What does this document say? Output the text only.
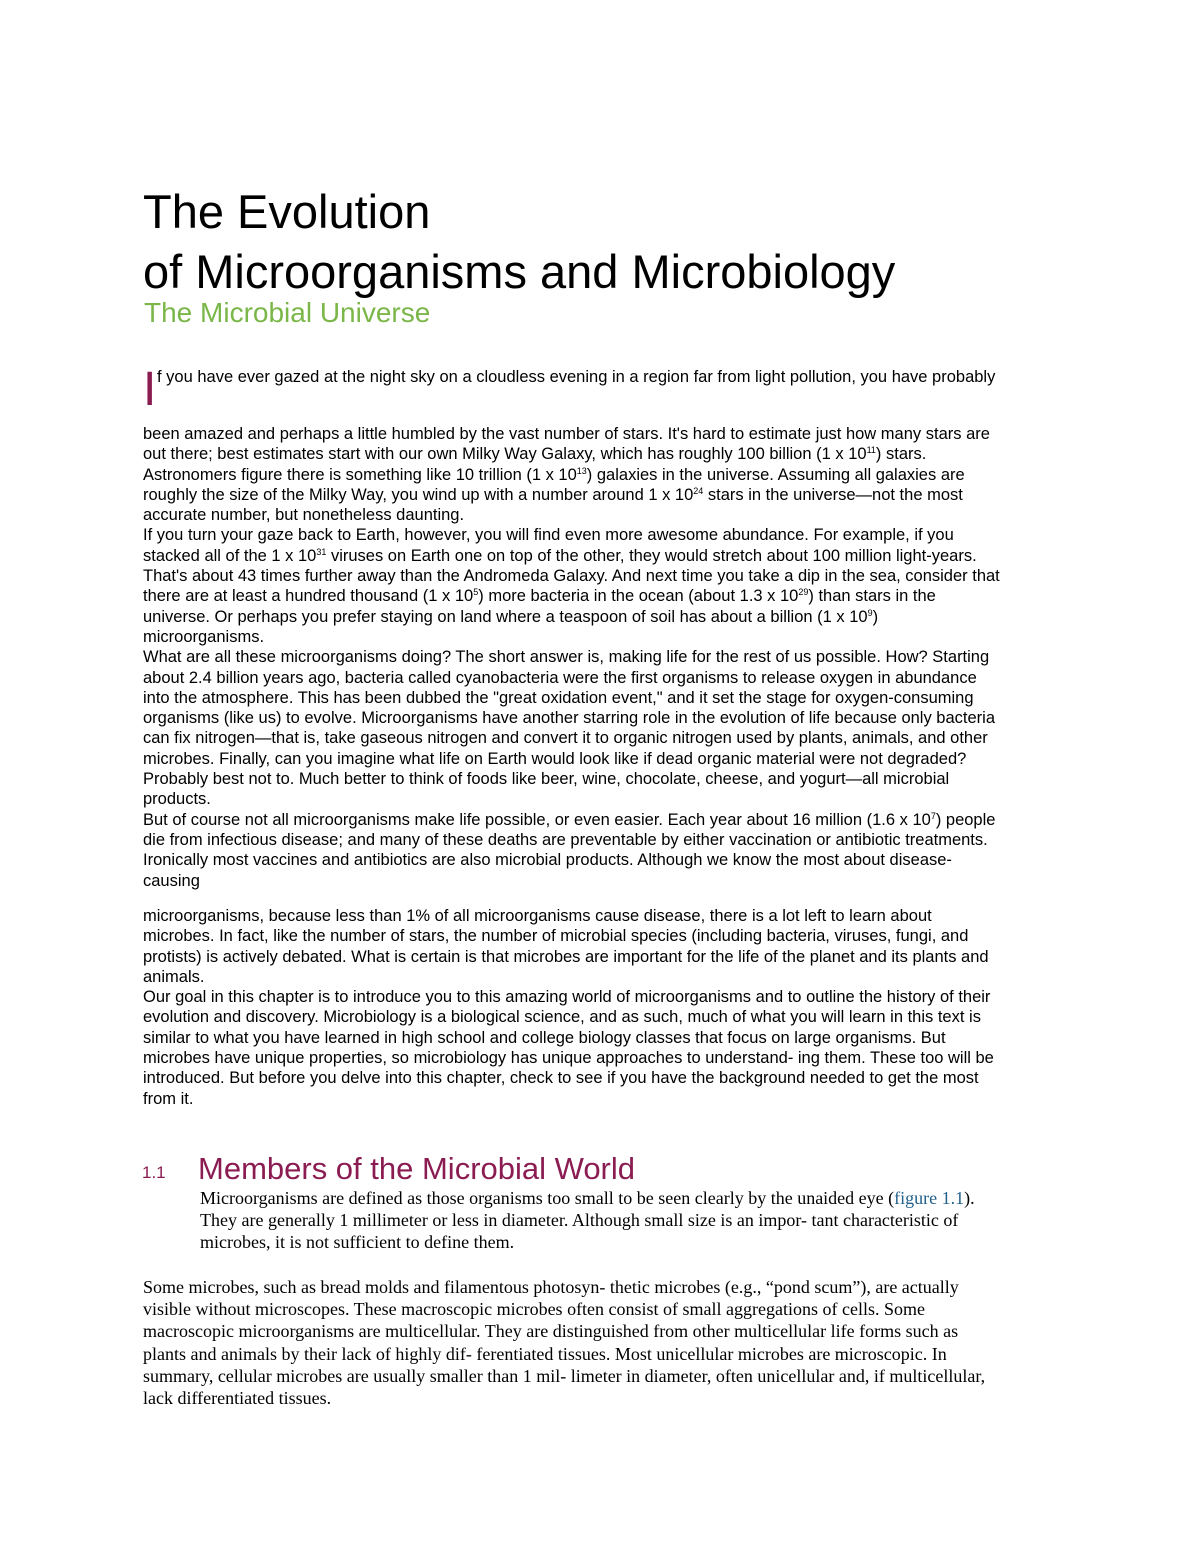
The Evolution
of Microorganisms and Microbiology
The Microbial Universe
I f you have ever gazed at the night sky on a cloudless evening in a region far from light pollution, you have probably

been amazed and perhaps a little humbled by the vast number of stars. It's hard to estimate just how many stars are
out there; best estimates start with our own Milky Way Galaxy, which has roughly 100 billion (1 x $10^{11}$) stars.
Astronomers figure there is something like 10 trillion (1 x $10^{13}$) galaxies in the universe. Assuming all galaxies are
roughly the size of the Milky Way, you wind up with a number around 1 x $10^{24}$ stars in the universe—not the most
accurate number, but nonetheless daunting.

If you turn your gaze back to Earth, however, you will find even more awesome abundance. For example, if you
stacked all of the 1 x $10^{31}$ viruses on Earth one on top of the other, they would stretch about 100 million light-years.
That's about 43 times further away than the Andromeda Galaxy. And next time you take a dip in the sea, consider that
there are at least a hundred thousand (1 x $10^5$) more bacteria in the ocean (about 1.3 x $10^{29}$) than stars in the
universe. Or perhaps you prefer staying on land where a teaspoon of soil has about a billion (1 x $10^9$)
microorganisms.

What are all these microorganisms doing? The short answer is, making life for the rest of us possible. How? Starting
about 2.4 billion years ago, bacteria called cyanobacteria were the first organisms to release oxygen in abundance
into the atmosphere. This has been dubbed the "great oxidation event," and it set the stage for oxygen-consuming
organisms (like us) to evolve. Microorganisms have another starring role in the evolution of life because only bacteria
can fix nitrogen—that is, take gaseous nitrogen and convert it to organic nitrogen used by plants, animals, and other
microbes. Finally, can you imagine what life on Earth would look like if dead organic material were not degraded?
Probably best not to. Much better to think of foods like beer, wine, chocolate, cheese, and yogurt—all microbial
products.

But of course not all microorganisms make life possible, or even easier. Each year about 16 million (1.6 x $10^7$) people
die from infectious disease; and many of these deaths are preventable by either vaccination or antibiotic treatments.
Ironically most vaccines and antibiotics are also microbial products. Although we know the most about disease-
causing

microorganisms, because less than 1% of all microorganisms cause disease, there is a lot left to learn about
microbes. In fact, like the number of stars, the number of microbial species (including bacteria, viruses, fungi, and
protists) is actively debated. What is certain is that microbes are important for the life of the planet and its plants and
animals.

Our goal in this chapter is to introduce you to this amazing world of microorganisms and to outline the history of their
evolution and discovery. Microbiology is a biological science, and as such, much of what you will learn in this text is
similar to what you have learned in high school and college biology classes that focus on large organisms. But
microbes have unique properties, so microbiology has unique approaches to understand- ing them. These too will be
introduced. But before you delve into this chapter, check to see if you have the background needed to get the most
from it.

1.1 Members of the Microbial World

Microorganisms are defined as those organisms too small to be seen clearly by the unaided eye (figure 1.1).
They are generally 1 millimeter or less in diameter. Although small size is an impor- tant characteristic of
microbes, it is not sufficient to define them.

Some microbes, such as bread molds and filamentous photosyn- thetic microbes (e.g., “pond scum”), are actually
visible without microscopes. These macroscopic microbes often consist of small aggregations of cells. Some
macroscopic microorganisms are multicellular. They are distinguished from other multicellular life forms such as
plants and animals by their lack of highly dif- ferentiated tissues. Most unicellular microbes are microscopic. In
summary, cellular microbes are usually smaller than 1 mil- limeter in diameter, often unicellular and, if multicellular,
lack differentiated tissues.
